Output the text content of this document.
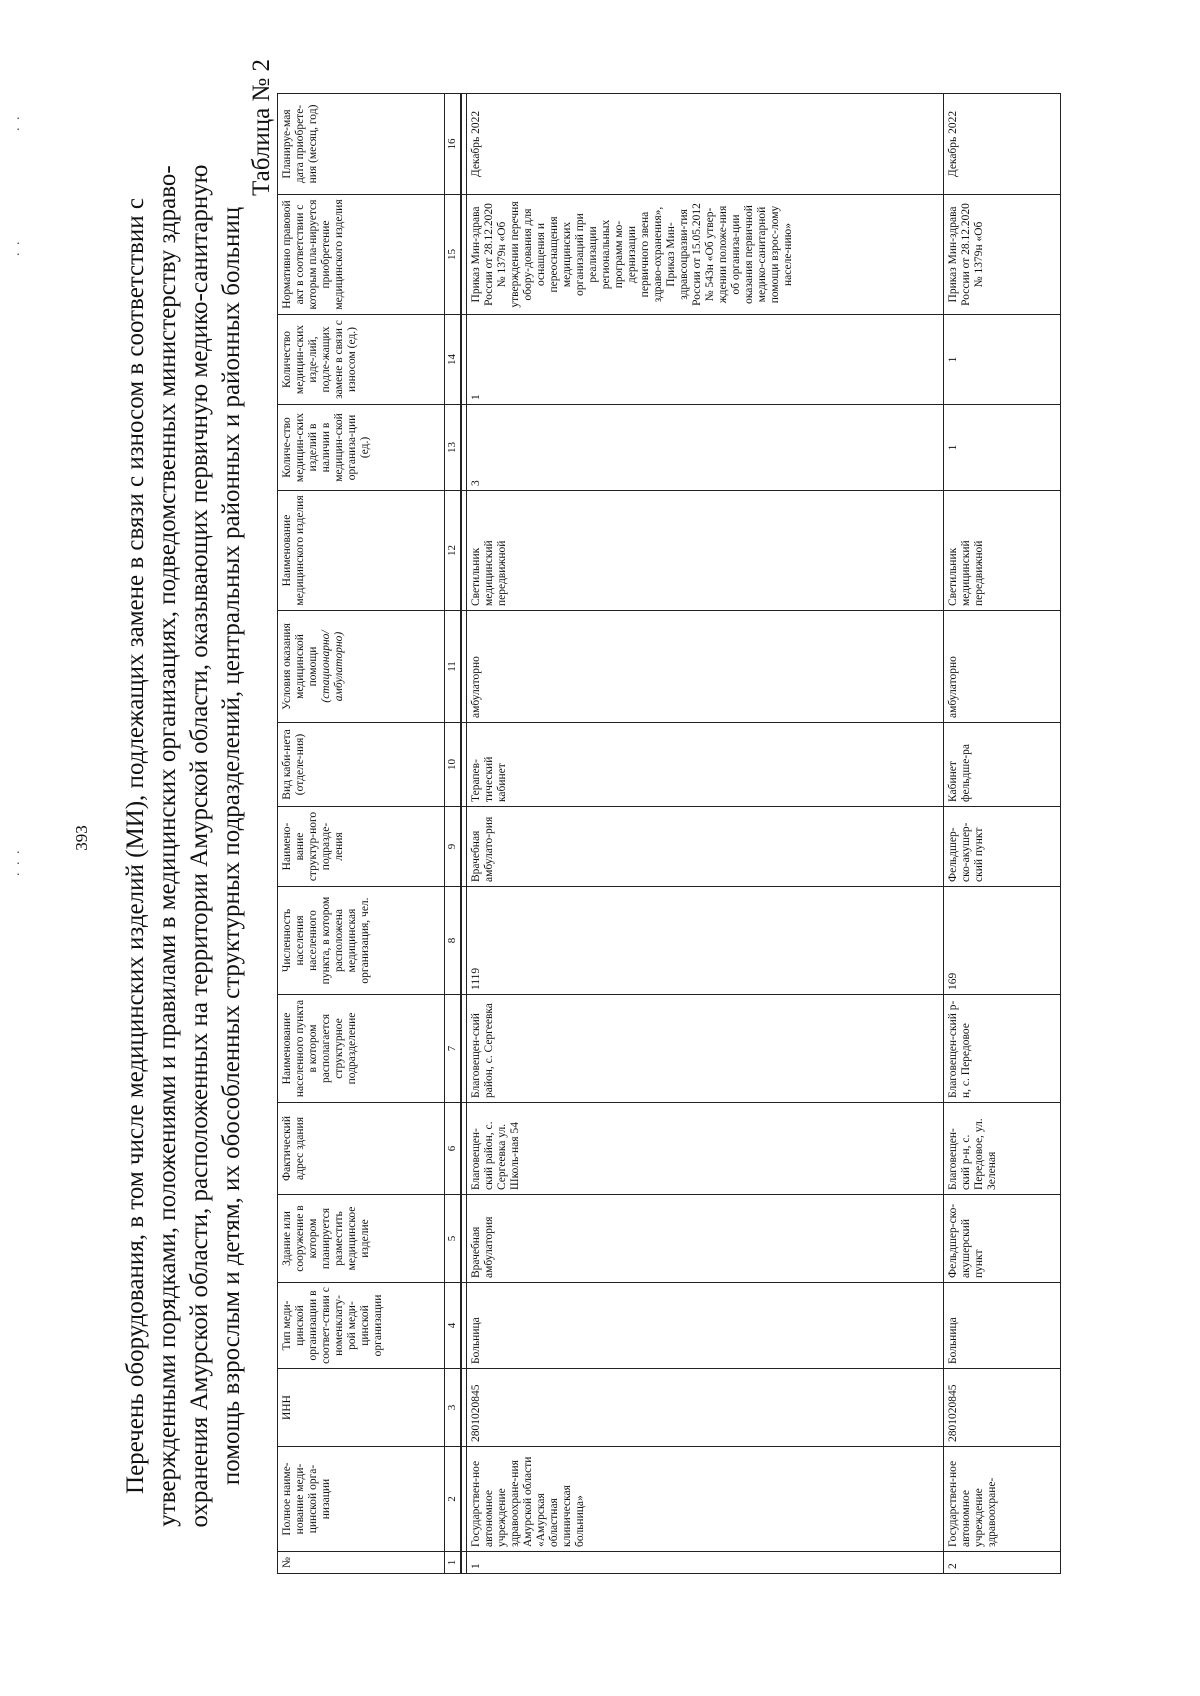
393
. . .
. .
. .
Перечень оборудования, в том числе медицинских изделий (МИ), подлежащих замене в связи с износом в соответствии с утвержденными порядками, положениями и правилами в медицинских организациях, подведомственных министерству здраво- охранения Амурской области, расположенных на территории Амурской области, оказывающих первичную медико-санитарную помощь взрослым и детям, их обособленных структурных подразделений, центральных районных и районных больниц
Таблица № 2
№	Полное наиме-нование меди-цинской орга-низации	ИНН	Тип меди-цинской организации в соответ-ствии с номенклату-рой меди-цинской организации	Здание или сооружение в котором планируется разместить медицинское изделие	Фактический адрес здания	Наименование населенного пункта в котором располагается структурное подразделение	Численность населения населенного пункта, в котором расположена медицинская организация, чел.	Наимено-вание структур-ного подразде-ления	Вид каби-нета (отделе-ния)	Условия оказания медицинской помощи (стационарно/ амбулаторно)	Наименование медицинского изделия	Количе-ство медицин-ских изделий в наличии в медицин-ской организа-ции (ед.)	Количество медицин-ских изде-лий, подле-жащих замене в связи с износом (ед.)	Нормативно правовой акт в соответствии с которым пла-нируется приобретение медицинского изделия	Планируе-мая дата приобрете-ния (месяц, год)
1	2	3	4	5	6	7	8	9	10	11	12	13	14	15	16

1	Государствен-ное автономное учреждение здравоохране-ния Амурской области «Амурская областная клиническая больница»	2801020845	Больница	Врачебная амбулатория	Благовещен-ский район, с. Сергеевка ул. Школь-ная 54	Благовещен-ский район, с. Сергеевка	1119	Врачебная амбулато-рия	Терапев-тический кабинет	амбулаторно	Светильник медицинский передвижной	3	1	Приказ Мин-здрава России от 28.12.2020 № 1379н «Об утверждении перечня обору-дования для оснащения и переоснащения медицинских организаций при реализации региональных программ мо-дернизации первичного звена здраво-охранения», Приказ Мин-здравсоцразви-тия России от 15.05.2012 № 543н «Об утвер-ждении положе-ния об организа-ции оказания первичной медико-санитарной помощи взрос-лому населе-нию»	Декабрь 2022
2	Государствен-ное автономное учреждение здравоохране-	2801020845	Больница	Фельдшер-ско-акушерский пункт	Благовещен-ский р-н, с. Передовое, ул. Зеленая	Благовещен-ский р-н, с. Передовое	169	Фельдшер-ско-акушер-ский пункт	Кабинет фельдше-ра	амбулаторно	Светильник медицинский передвижной	1	1	Приказ Мин-здрава России от 28.12.2020 № 1379н «Об	Декабрь 2022
